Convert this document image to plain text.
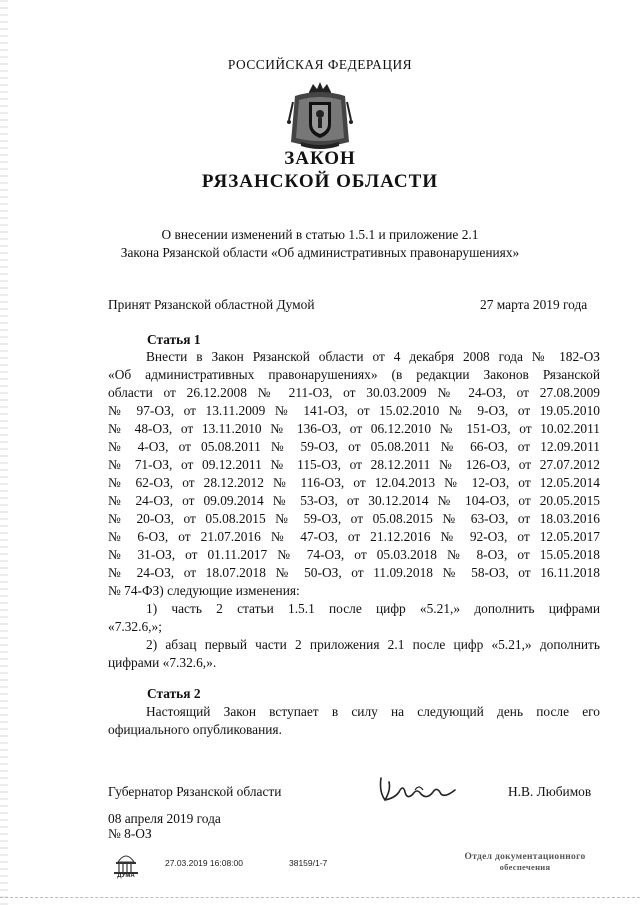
РОССИЙСКАЯ ФЕДЕРАЦИЯ
ЗАКОН
РЯЗАНСКОЙ ОБЛАСТИ
О внесении изменений в статью 1.5.1 и приложение 2.1
Закона Рязанской области «Об административных правонарушениях»
Принят Рязанской областной Думой	27 марта 2019 года
Статья 1
Внести в Закон Рязанской области от 4 декабря 2008 года № 182-ОЗ
«Об административных правонарушениях» (в редакции Законов Рязанской
области от 26.12.2008 № 211-ОЗ, от 30.03.2009 № 24-ОЗ, от 27.08.2009
№ 97-ОЗ, от 13.11.2009 № 141-ОЗ, от 15.02.2010 № 9-ОЗ, от 19.05.2010
№ 48-ОЗ, от 13.11.2010 № 136-ОЗ, от 06.12.2010 № 151-ОЗ, от 10.02.2011
№ 4-ОЗ, от 05.08.2011 № 59-ОЗ, от 05.08.2011 № 66-ОЗ, от 12.09.2011
№ 71-ОЗ, от 09.12.2011 № 115-ОЗ, от 28.12.2011 № 126-ОЗ, от 27.07.2012
№ 62-ОЗ, от 28.12.2012 № 116-ОЗ, от 12.04.2013 № 12-ОЗ, от 12.05.2014
№ 24-ОЗ, от 09.09.2014 № 53-ОЗ, от 30.12.2014 № 104-ОЗ, от 20.05.2015
№ 20-ОЗ, от 05.08.2015 № 59-ОЗ, от 05.08.2015 № 63-ОЗ, от 18.03.2016
№ 6-ОЗ, от 21.07.2016 № 47-ОЗ, от 21.12.2016 № 92-ОЗ, от 12.05.2017
№ 31-ОЗ, от 01.11.2017 № 74-ОЗ, от 05.03.2018 № 8-ОЗ, от 15.05.2018
№ 24-ОЗ, от 18.07.2018 № 50-ОЗ, от 11.09.2018 № 58-ОЗ, от 16.11.2018
№ 74-ФЗ) следующие изменения:
1) часть 2 статьи 1.5.1 после цифр «5.21,» дополнить цифрами
«7.32.6,»;
2) абзац первый части 2 приложения 2.1 после цифр «5.21,» дополнить
цифрами «7.32.6,».
Статья 2
Настоящий Закон вступает в силу на следующий день после его
официального опубликования.
Губернатор Рязанской области	Н.В. Любимов
08 апреля 2019 года
№ 8-ОЗ
ДУМА
27.03.2019 16:08:00	38159/1-7
Отдел документационного
обеспечения
